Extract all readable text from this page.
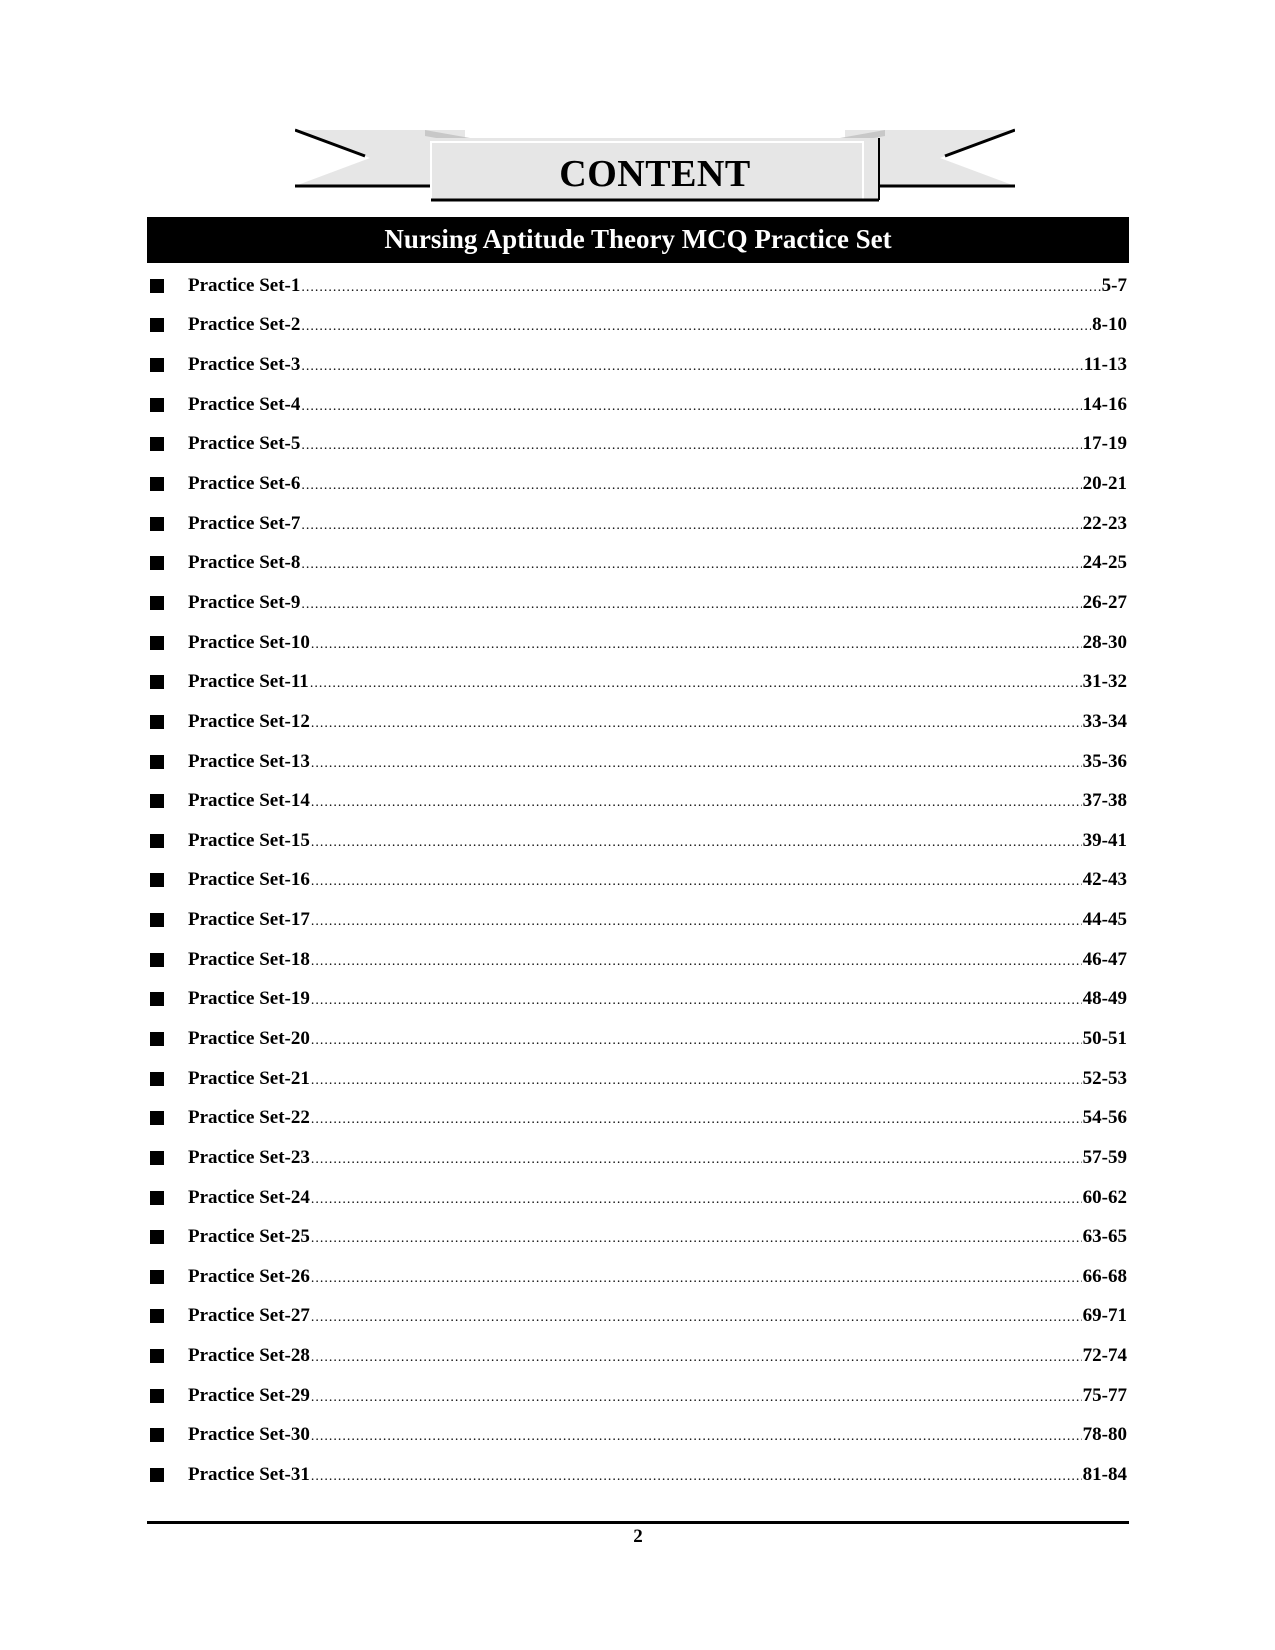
CONTENT
Nursing Aptitude Theory MCQ Practice Set
Practice Set-1 .....	5-7
Practice Set-2 .....	8-10
Practice Set-3 .....	11-13
Practice Set-4 .....	14-16
Practice Set-5 .....	17-19
Practice Set-6 .....	20-21
Practice Set-7 .....	22-23
Practice Set-8 .....	24-25
Practice Set-9 .....	26-27
Practice Set-10 .....	28-30
Practice Set-11 .....	31-32
Practice Set-12 .....	33-34
Practice Set-13 .....	35-36
Practice Set-14 .....	37-38
Practice Set-15 .....	39-41
Practice Set-16 .....	42-43
Practice Set-17 .....	44-45
Practice Set-18 .....	46-47
Practice Set-19 .....	48-49
Practice Set-20 .....	50-51
Practice Set-21 .....	52-53
Practice Set-22 .....	54-56
Practice Set-23 .....	57-59
Practice Set-24 .....	60-62
Practice Set-25 .....	63-65
Practice Set-26 .....	66-68
Practice Set-27 .....	69-71
Practice Set-28 .....	72-74
Practice Set-29 .....	75-77
Practice Set-30 .....	78-80
Practice Set-31 .....	81-84
2
